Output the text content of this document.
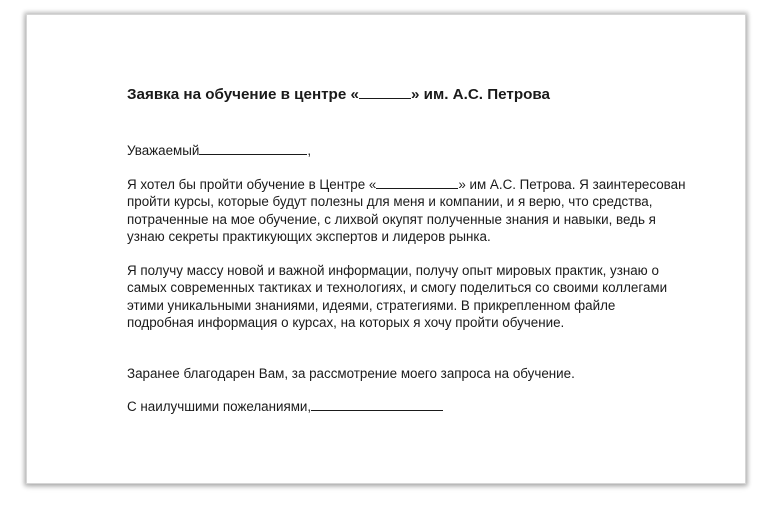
Заявка на обучение в центре «	» им. А.С. Петрова

Уважаемый	,

Я хотел бы пройти обучение в Центре «	» им А.С. Петрова. Я заинтересован

пройти курсы, которые будут полезны для меня и компании, и я верю, что средства,

потраченные на мое обучение, с лихвой окупят полученные знания и навыки, ведь я

узнаю секреты практикующих экспертов и лидеров рынка.

Я получу массу новой и важной информации, получу опыт мировых практик, узнаю о

самых современных тактиках и технологиях, и смогу поделиться со своими коллегами

этими уникальными знаниями, идеями, стратегиями. В прикрепленном файле

подробная информация о курсах, на которых я хочу пройти обучение.

Заранее благодарен Вам, за рассмотрение моего запроса на обучение.

С наилучшими пожеланиями,
